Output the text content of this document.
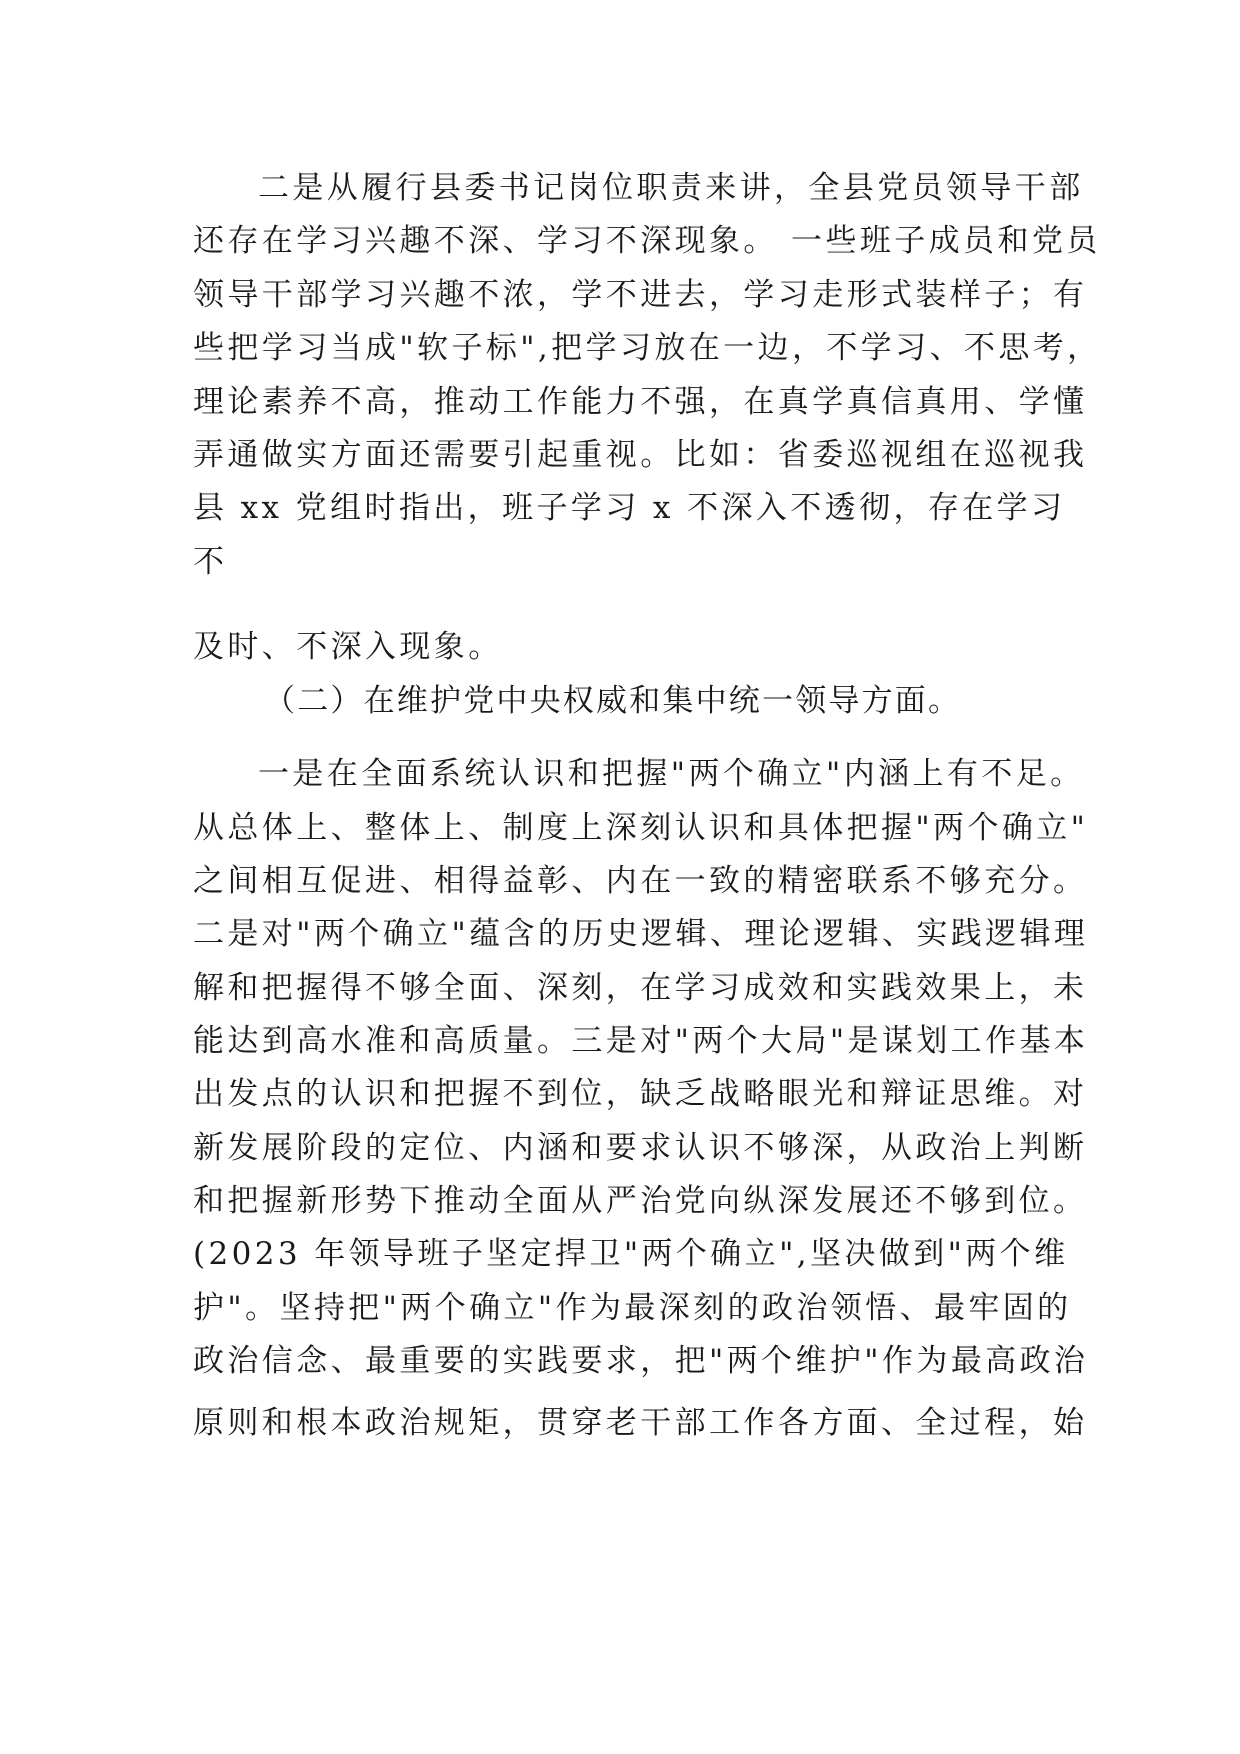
二是从履行县委书记岗位职责来讲，全县党员领导干部
还存在学习兴趣不深、学习不深现象。 一些班子成员和党员
领导干部学习兴趣不浓，学不进去，学习走形式装样子；有
些把学习当成"软子标",把学习放在一边，不学习、不思考，
理论素养不高，推动工作能力不强，在真学真信真用、学懂
弄通做实方面还需要引起重视。比如：省委巡视组在巡视我
县 xx 党组时指出，班子学习 x 不深入不透彻，存在学习
不
及时、不深入现象。
（二）在维护党中央权威和集中统一领导方面。
一是在全面系统认识和把握"两个确立"内涵上有不足。
从总体上、整体上、制度上深刻认识和具体把握"两个确立"
之间相互促进、相得益彰、内在一致的精密联系不够充分。
二是对"两个确立"蕴含的历史逻辑、理论逻辑、实践逻辑理
解和把握得不够全面、深刻，在学习成效和实践效果上，未
能达到高水准和高质量。三是对"两个大局"是谋划工作基本
出发点的认识和把握不到位，缺乏战略眼光和辩证思维。对
新发展阶段的定位、内涵和要求认识不够深，从政治上判断
和把握新形势下推动全面从严治党向纵深发展还不够到位。
(2023 年领导班子坚定捍卫"两个确立",坚决做到"两个维
护"。坚持把"两个确立"作为最深刻的政治领悟、最牢固的
政治信念、最重要的实践要求，把"两个维护"作为最高政治
原则和根本政治规矩，贯穿老干部工作各方面、全过程，始
